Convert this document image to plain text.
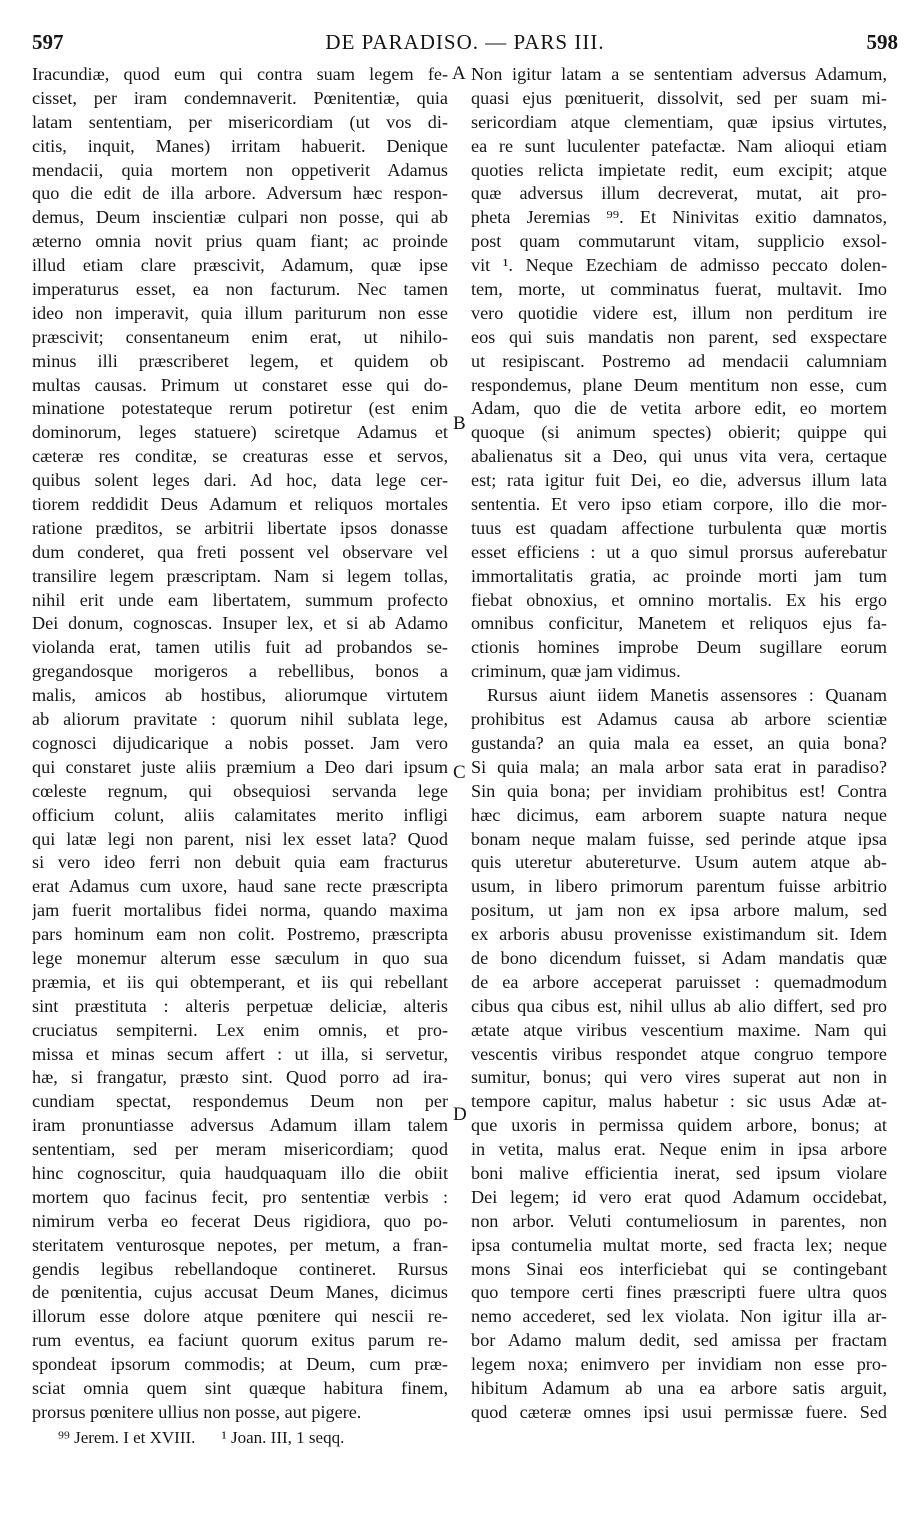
597	DE PARADISO. — PARS III.	598
Iracundiæ, quod eum qui contra suam legem fe-
cisset, per iram condemnaverit. Pœnitentiæ, quia
latam sententiam, per misericordiam (ut vos di-
citis, inquit, Manes) irritam habuerit. Denique
mendacii, quia mortem non oppetiverit Adamus
quo die edit de illa arbore. Adversum hæc respon-
demus, Deum inscientiæ culpari non posse, qui ab
æterno omnia novit prius quam fiant; ac proinde
illud etiam clare præscivit, Adamum, quæ ipse
imperaturus esset, ea non facturum. Nec tamen
ideo non imperavit, quia illum pariturum non esse
præscivit; consentaneum enim erat, ut nihilo-
minus illi præscriberet legem, et quidem ob
multas causas. Primum ut constaret esse qui do-
minatione potestateque rerum potiretur (est enim
dominorum, leges statuere) sciretque Adamus et
cæteræ res conditæ, se creaturas esse et servos,
quibus solent leges dari. Ad hoc, data lege cer-
tiorem reddidit Deus Adamum et reliquos mortales
ratione præditos, se arbitrii libertate ipsos donasse
dum conderet, qua freti possent vel observare vel
transilire legem præscriptam. Nam si legem tollas,
nihil erit unde eam libertatem, summum profecto
Dei donum, cognoscas. Insuper lex, et si ab Adamo
violanda erat, tamen utilis fuit ad probandos se-
gregandosque morigeros a rebellibus, bonos a
malis, amicos ab hostibus, aliorumque virtutem
ab aliorum pravitate : quorum nihil sublata lege,
cognosci dijudicarique a nobis posset. Jam vero
qui constaret juste aliis præmium a Deo dari ipsum
cœleste regnum, qui obsequiosi servanda lege
officium colunt, aliis calamitates merito infligi
qui latæ legi non parent, nisi lex esset lata? Quod
si vero ideo ferri non debuit quia eam fracturus
erat Adamus cum uxore, haud sane recte præscripta
jam fuerit mortalibus fidei norma, quando maxima
pars hominum eam non colit. Postremo, præscripta
lege monemur alterum esse sæculum in quo sua
præmia, et iis qui obtemperant, et iis qui rebellant
sint præstituta : alteris perpetuæ deliciæ, alteris
cruciatus sempiterni. Lex enim omnis, et pro-
missa et minas secum affert : ut illa, si servetur,
hæ, si frangatur, præsto sint. Quod porro ad ira-
cundiam spectat, respondemus Deum non per
iram pronuntiasse adversus Adamum illam talem
sententiam, sed per meram misericordiam; quod
hinc cognoscitur, quia haudquaquam illo die obiit
mortem quo facinus fecit, pro sententiæ verbis :
nimirum verba eo fecerat Deus rigidiora, quo po-
steritatem venturosque nepotes, per metum, a fran-
gendis legibus rebellandoque contineret. Rursus
de pœnitentia, cujus accusat Deum Manes, dicimus
illorum esse dolore atque pœnitere qui nescii re-
rum eventus, ea faciunt quorum exitus parum re-
spondeat ipsorum commodis; at Deum, cum præ-
sciat omnia quem sint quæque habitura finem,
prorsus pœnitere ullius non posse, aut pigere.
Non igitur latam a se sententiam adversus Adamum,
quasi ejus pœnituerit, dissolvit, sed per suam mi-
sericordiam atque clementiam, quæ ipsius virtutes,
ea re sunt luculenter patefactæ. Nam alioqui etiam
quoties relicta impietate redit, eum excipit; atque
quæ adversus illum decreverat, mutat, ait pro-
pheta Jeremias ⁹⁹. Et Ninivitas exitio damnatos,
post quam commutarunt vitam, supplicio exsol-
vit ¹. Neque Ezechiam de admisso peccato dolen-
tem, morte, ut comminatus fuerat, multavit. Imo
vero quotidie videre est, illum non perditum ire
eos qui suis mandatis non parent, sed exspectare
ut resipiscant. Postremo ad mendacii calumniam
respondemus, plane Deum mentitum non esse, cum
Adam, quo die de vetita arbore edit, eo mortem
quoque (si animum spectes) obierit; quippe qui
abalienatus sit a Deo, qui unus vita vera, certaque
est; rata igitur fuit Dei, eo die, adversus illum lata
sententia. Et vero ipso etiam corpore, illo die mor-
tuus est quadam affectione turbulenta quæ mortis
esset efficiens : ut a quo simul prorsus auferebatur
immortalitatis gratia, ac proinde morti jam tum
fiebat obnoxius, et omnino mortalis. Ex his ergo
omnibus conficitur, Manetem et reliquos ejus fa-
ctionis homines improbe Deum sugillare eorum
criminum, quæ jam vidimus.
Rursus aiunt iidem Manetis assensores : Quanam
prohibitus est Adamus causa ab arbore scientiæ
gustanda? an quia mala ea esset, an quia bona?
Si quia mala; an mala arbor sata erat in paradiso?
Sin quia bona; per invidiam prohibitus est! Contra
hæc dicimus, eam arborem suapte natura neque
bonam neque malam fuisse, sed perinde atque ipsa
quis uteretur abutereturve. Usum autem atque ab-
usum, in libero primorum parentum fuisse arbitrio
positum, ut jam non ex ipsa arbore malum, sed
ex arboris abusu provenisse existimandum sit. Idem
de bono dicendum fuisset, si Adam mandatis quæ
de ea arbore acceperat paruisset : quemadmodum
cibus qua cibus est, nihil ullus ab alio differt, sed pro
ætate atque viribus vescentium maxime. Nam qui
vescentis viribus respondet atque congruo tempore
sumitur, bonus; qui vero vires superat aut non in
tempore capitur, malus habetur : sic usus Adæ at-
que uxoris in permissa quidem arbore, bonus; at
in vetita, malus erat. Neque enim in ipsa arbore
boni malive efficientia inerat, sed ipsum violare
Dei legem; id vero erat quod Adamum occidebat,
non arbor. Veluti contumeliosum in parentes, non
ipsa contumelia multat morte, sed fracta lex; neque
mons Sinai eos interficiebat qui se contingebant
quo tempore certi fines præscripti fuere ultra quos
nemo accederet, sed lex violata. Non igitur illa ar-
bor Adamo malum dedit, sed amissa per fractam
legem noxa; enimvero per invidiam non esse pro-
hibitum Adamum ab una ea arbore satis arguit,
quod cæteræ omnes ipsi usui permissæ fuere. Sed
A
B
C
D
⁹⁹ Jerem. I et XVIII. ¹ Joan. III, 1 seqq.
